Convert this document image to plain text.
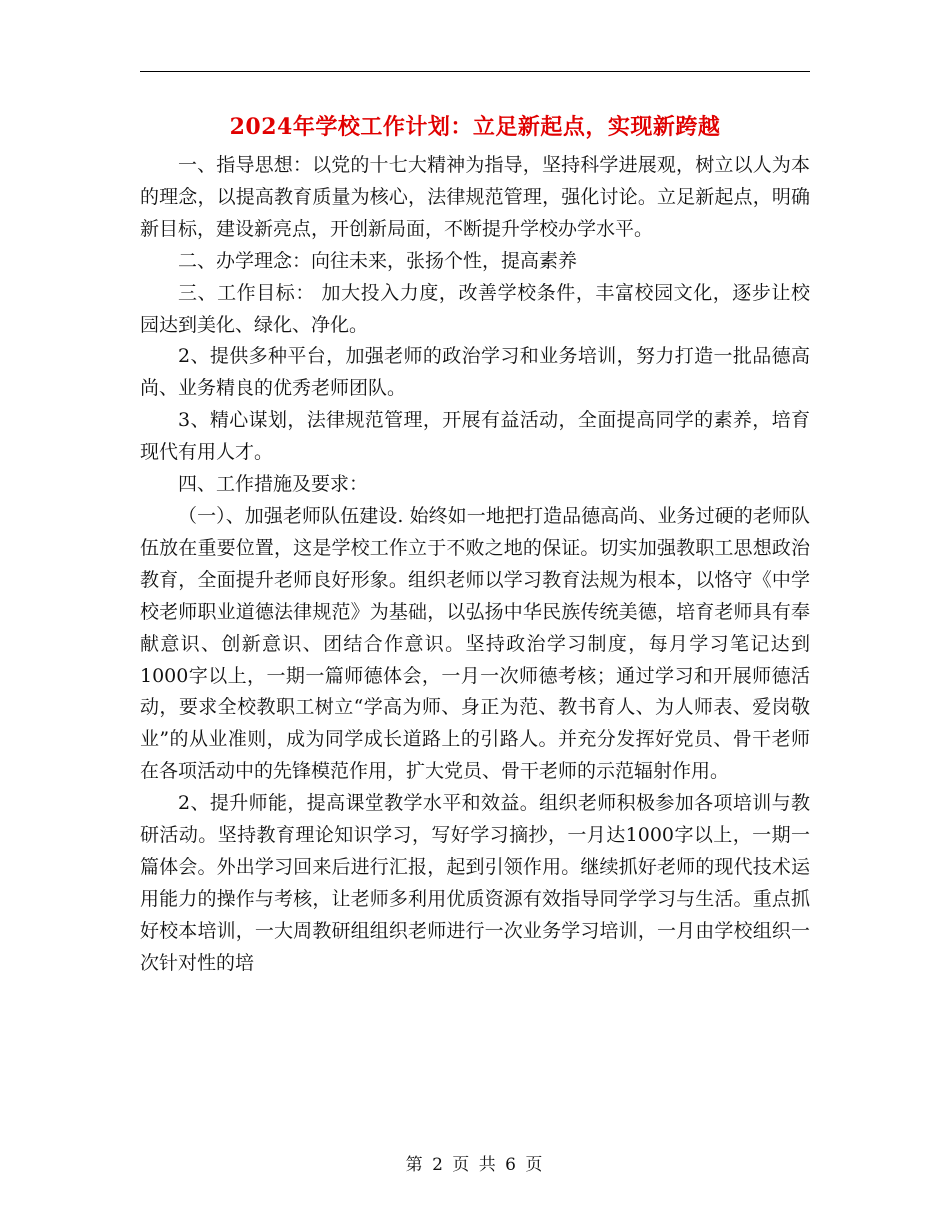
2024年学校工作计划：立足新起点，实现新跨越

一、指导思想：以党的十七大精神为指导，坚持科学进展观，树立以人为本的理念，以提高教育质量为核心，法律规范管理，强化讨论。立足新起点，明确新目标，建设新亮点，开创新局面，不断提升学校办学水平。

二、办学理念：向往未来，张扬个性，提高素养

三、工作目标： 加大投入力度，改善学校条件，丰富校园文化，逐步让校园达到美化、绿化、净化。

2、提供多种平台，加强老师的政治学习和业务培训，努力打造一批品德高尚、业务精良的优秀老师团队。

3、精心谋划，法律规范管理，开展有益活动，全面提高同学的素养，培育现代有用人才。

四、工作措施及要求：

（一）、加强老师队伍建设. 始终如一地把打造品德高尚、业务过硬的老师队伍放在重要位置，这是学校工作立于不败之地的保证。切实加强教职工思想政治教育，全面提升老师良好形象。组织老师以学习教育法规为根本，以恪守《中学校老师职业道德法律规范》为基础，以弘扬中华民族传统美德，培育老师具有奉献意识、创新意识、团结合作意识。坚持政治学习制度，每月学习笔记达到1000字以上，一期一篇师德体会，一月一次师德考核；通过学习和开展师德活动，要求全校教职工树立“学高为师、身正为范、教书育人、为人师表、爱岗敬业”的从业准则，成为同学成长道路上的引路人。并充分发挥好党员、骨干老师在各项活动中的先锋模范作用，扩大党员、骨干老师的示范辐射作用。

2、提升师能，提高课堂教学水平和效益。组织老师积极参加各项培训与教研活动。坚持教育理论知识学习，写好学习摘抄，一月达1000字以上，一期一篇体会。外出学习回来后进行汇报，起到引领作用。继续抓好老师的现代技术运用能力的操作与考核，让老师多利用优质资源有效指导同学学习与生活。重点抓好校本培训，一大周教研组组织老师进行一次业务学习培训，一月由学校组织一次针对性的培

第 2 页 共 6 页
